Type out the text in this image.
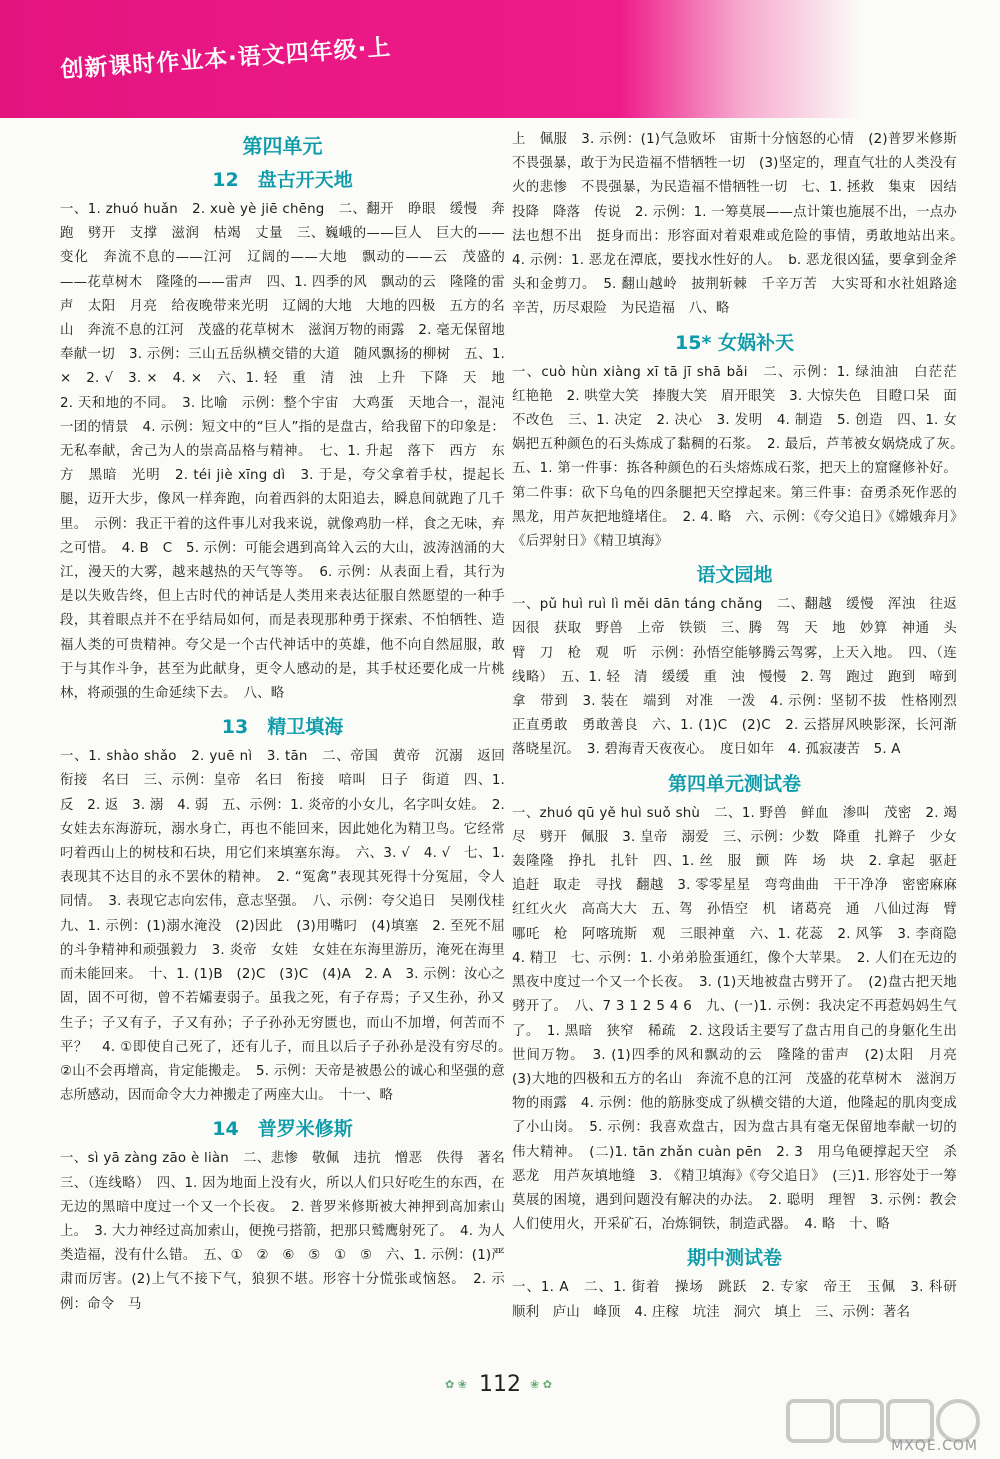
创新课时作业本·语文四年级·上
第四单元
12　盘古开天地
一、1. zhuó huǎn　2. xuè yè jiē chēng　二、翻开　睁眼　缓慢　奔跑　劈开　支撑　滋润　枯竭　丈量　三、巍峨的——巨人　巨大的——变化　奔流不息的——江河　辽阔的——大地　飘动的——云　茂盛的——花草树木　隆隆的——雷声　四、1. 四季的风　飘动的云　隆隆的雷声　太阳　月亮　给夜晚带来光明　辽阔的大地　大地的四极　五方的名山　奔流不息的江河　茂盛的花草树木　滋润万物的雨露　2. 毫无保留地奉献一切　3. 示例：三山五岳纵横交错的大道　随风飘扬的柳树　五、1. ×　2. √　3. ×　4. ×　六、1. 轻　重　清　浊　上升　下降　天　地　2. 天和地的不同。　3. 比喻　示例：整个宇宙　大鸡蛋　天地合一，混沌一团的情景　4. 示例：短文中的“巨人”指的是盘古，给我留下的印象是：无私奉献，舍己为人的崇高品格与精神。　七、1. 升起　落下　西方　东方　黑暗　光明　2. téi jiè xīng dì　3. 于是，夸父拿着手杖，提起长腿，迈开大步，像风一样奔跑，向着西斜的太阳追去，瞬息间就跑了几千里。　示例：我正干着的这件事儿对我来说，就像鸡肋一样，食之无味，弃之可惜。　4. B　C　5. 示例：可能会遇到高耸入云的大山，波涛汹涌的大江，漫天的大雾，越来越热的天气等等。　6. 示例：从表面上看，其行为是以失败告终，但上古时代的神话是人类用来表达征服自然愿望的一种手段，其着眼点并不在乎结局如何，而是表现那种勇于探索、不怕牺牲、造福人类的可贵精神。夸父是一个古代神话中的英雄，他不向自然屈服，敢于与其作斗争，甚至为此献身，更令人感动的是，其手杖还要化成一片桃林，将顽强的生命延续下去。　八、略
13　精卫填海
一、1. shào shǎo　2. yuē nì　3. tān　二、帝国　黄帝　沉溺　返回　衔接　名曰　三、示例：皇帝　名曰　衔接　喑叫　日子　街道　四、1. 反　2. 返　3. 溺　4. 弱　五、示例：1. 炎帝的小女儿，名字叫女娃。　2. 女娃去东海游玩，溺水身亡，再也不能回来，因此她化为精卫鸟。它经常叼着西山上的树枝和石块，用它们来填塞东海。　六、3. √　4. √　七、1. 表现其不达目的永不罢休的精神。　2. “冤禽”表现其死得十分冤屈，令人同情。　3. 表现它志向宏伟，意志坚强。　八、示例：夸父追日　吴刚伐桂　九、1. 示例：(1)溺水淹没　(2)因此　(3)用嘴叼　(4)填塞　2. 至死不屈的斗争精神和顽强毅力　3. 炎帝　女娃　女娃在东海里游历，淹死在海里而未能回来。　十、1. (1)B　(2)C　(3)C　(4)A　2. A　3. 示例：汝心之固，固不可彻，曾不若孀妻弱子。虽我之死，有子存焉；子又生孙，孙又生子；子又有子，子又有孙；子子孙孙无穷匮也，而山不加增，何苦而不平？　4. ①即使自己死了，还有儿子，而且以后子子孙孙是没有穷尽的。　②山不会再增高，肯定能搬走。　5. 示例：天帝是被愚公的诚心和坚强的意志所感动，因而命令大力神搬走了两座大山。　十一、略
14　普罗米修斯
一、sì yā zàng zāo è liàn　二、悲惨　敬佩　违抗　憎恶　佚得　著名　三、（连线略）　四、1. 因为地面上没有火，所以人们只好吃生的东西，在无边的黑暗中度过一个又一个长夜。　2. 普罗米修斯被大神押到高加索山上。　3. 大力神经过高加索山，便挽弓搭箭，把那只鹫鹰射死了。　4. 为人类造福，没有什么错。　五、①　②　⑥　⑤　①　⑤　六、1. 示例：(1)严肃而厉害。(2)上气不接下气，狼狈不堪。形容十分慌张或恼怒。　2. 示例：命令　马
上　佩服　3. 示例：(1)气急败坏　宙斯十分恼怒的心情　(2)普罗米修斯不畏强暴，敢于为民造福不惜牺牲一切　(3)坚定的，理直气壮的人类没有火的悲惨　不畏强暴，为民造福不惜牺牲一切　七、1. 拯救　集束　因结　投降　降落　传说　2. 示例：1. 一筹莫展——点计策也施展不出，一点办法也想不出　挺身而出：形容面对着艰难或危险的事情，勇敢地站出来。　4. 示例：1. 恶龙在潭底，要找水性好的人。　b. 恶龙很凶猛，要拿到金斧头和金剪刀。　5. 翻山越岭　披荆斩棘　千辛万苦　大实哥和水社姐路途辛苦，历尽艰险　为民造福　八、略
15* 女娲补天
一、cuò hùn xiàng xī tā jī shā bǎi　二、示例：1. 绿油油　白茫茫　红艳艳　2. 哄堂大笑　捧腹大笑　眉开眼笑　3. 大惊失色　目瞪口呆　面不改色　三、1. 决定　2. 决心　3. 发明　4. 制造　5. 创造　四、1. 女娲把五种颜色的石头炼成了黏稠的石浆。　2. 最后，芦苇被女娲烧成了灰。　五、1. 第一件事：拣各种颜色的石头熔炼成石浆，把天上的窟窿修补好。第二件事：砍下乌龟的四条腿把天空撑起来。第三件事：奋勇杀死作恶的黑龙，用芦灰把地缝堵住。　2. 4. 略　六、示例：《夸父追日》《嫦娥奔月》《后羿射日》《精卫填海》
语文园地
一、pǔ huì ruì lì měi dān táng chǎng　二、翻越　缓慢　浑浊　往返　因很　获取　野兽　上帝　铁锁　三、腾　驾　天　地　妙算　神通　头　臂　刀　枪　观　听　示例：孙悟空能够腾云驾雾，上天入地。　四、（连线略）　五、1. 轻　清　缓缓　重　浊　慢慢　2. 驾　跑过　跑到　啼到　拿　带到　3. 装在　端到　对准　一泼　4. 示例：坚韧不拔　性格刚烈　正直勇敢　勇敢善良　六、1. (1)C　(2)C　2. 云搭屏风映影深，长河渐落晓星沉。　3. 碧海青天夜夜心。　度日如年　4. 孤寂凄苦　5. A
第四单元测试卷
一、zhuó qū yě huì suǒ shù　二、1. 野兽　鲜血　渗叫　茂密　2. 竭尽　劈开　佩服　3. 皇帝　溺爱　三、示例：少数　降重　扎辫子　少女　轰隆隆　挣扎　扎针　四、1. 丝　服　颤　阵　场　块　2. 拿起　驱赶　追赶　取走　寻找　翻越　3. 零零星星　弯弯曲曲　干干净净　密密麻麻　红红火火　高高大大　五、驾　孙悟空　机　诸葛亮　通　八仙过海　臂　哪吒　枪　阿喀琉斯　观　三眼神童　六、1. 花蕊　2. 风筝　3. 李商隐　4. 精卫　七、示例：1. 小弟弟脸蛋通红，像个大苹果。　2. 人们在无边的黑夜中度过一个又一个长夜。　3. (1)天地被盘古劈开了。　(2)盘古把天地劈开了。　八、7 3 1 2 5 4 6　九、(一)1. 示例：我决定不再惹妈妈生气了。　1. 黑暗　狭窄　稀疏　2. 这段话主要写了盘古用自己的身躯化生出世间万物。　3. (1)四季的风和飘动的云　隆隆的雷声　(2)太阳　月亮　(3)大地的四极和五方的名山　奔流不息的江河　茂盛的花草树木　滋润万物的雨露　4. 示例：他的筋脉变成了纵横交错的大道，他隆起的肌肉变成了小山岗。　5. 示例：我喜欢盘古，因为盘古具有毫无保留地奉献一切的伟大精神。　(二)1. tān zhǎn cuàn pēn　2. 3　用乌龟硬撑起天空　杀恶龙　用芦灰填地缝　3. 《精卫填海》《夸父追日》　(三)1. 形容处于一筹莫展的困境，遇到问题没有解决的办法。　2. 聪明　理智　3. 示例：教会人们使用火，开采矿石，冶炼铜铁，制造武器。　4. 略　十、略
期中测试卷
一、1. A　二、1. 街着　操场　跳跃　2. 专家　帝王　玉佩　3. 科研　顺利　庐山　峰顶　4. 庄稼　坑洼　洞穴　填上　三、示例：著名
✿ ❀ 112 ❀ ✿
MXQE.COM
